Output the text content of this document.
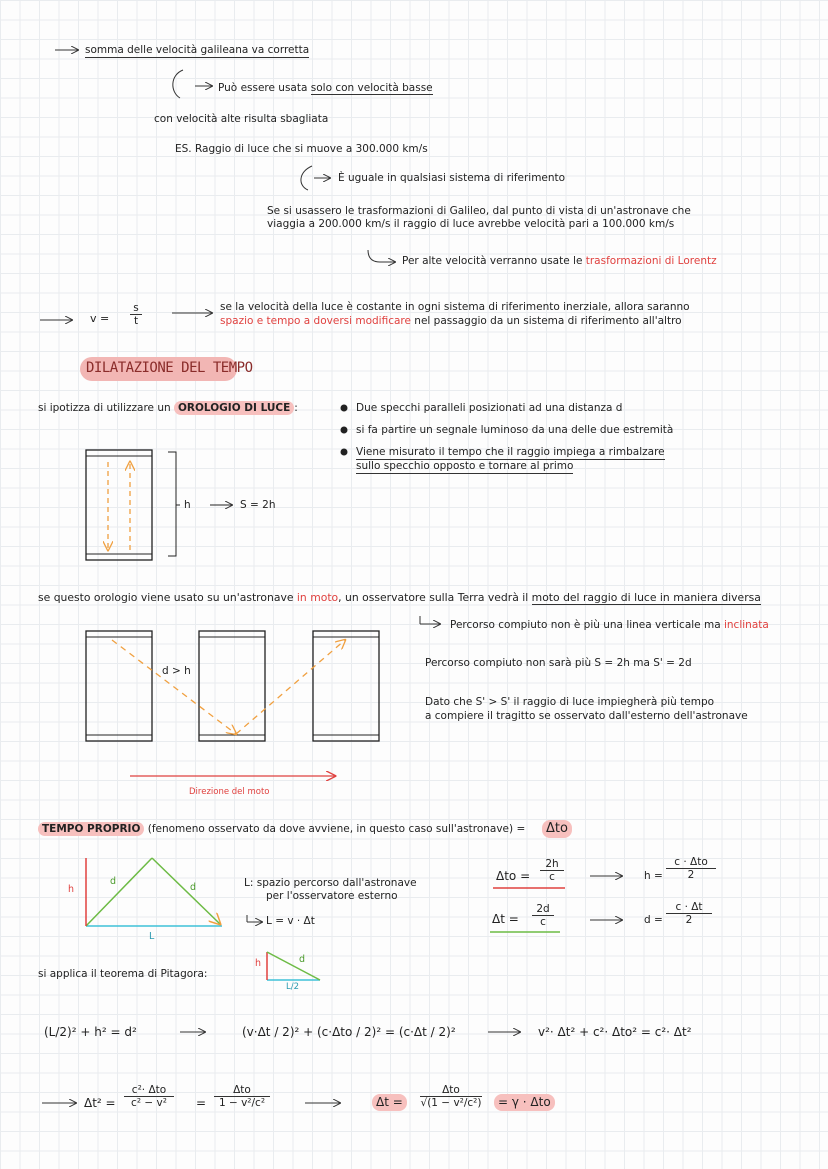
somma delle velocità galileana va corretta
Può essere usata solo con velocità basse
con velocità alte risulta sbagliata
ES. Raggio di luce che si muove a 300.000 km/s
È uguale in qualsiasi sistema di riferimento
Se si usassero le trasformazioni di Galileo, dal punto di vista di un'astronave che
viaggia a 200.000 km/s il raggio di luce avrebbe velocità pari a 100.000 km/s
Per alte velocità verranno usate le trasformazioni di Lorentz
$v = \frac{s}{t}$	se la velocità della luce è costante in ogni sistema di riferimento inerziale, allora saranno
spazio e tempo a doversi modificare nel passaggio da un sistema di riferimento all'altro
DILATAZIONE DEL TEMPO
si ipotizza di utilizzare un OROLOGIO DI LUCE :	Due specchi paralleli posizionati ad una distanza d
si fa partire un segnale luminoso da una delle due estremità
Viene misurato il tempo che il raggio impiega a rimbalzare
sullo specchio opposto e tornare al primo
h	S = 2h
se questo orologio viene usato su un'astronave in moto, un osservatore sulla Terra vedrà il moto del raggio di luce in maniera diversa
Percorso compiuto non è più una linea verticale ma inclinata
Percorso compiuto non sarà più S = 2h ma S' = 2d
Dato che S' > S' il raggio di luce impiegherà più tempo
a compiere il tragitto se osservato dall'esterno dell'astronave
d > h
Direzione del moto
TEMPO PROPRIO (fenomeno osservato da dove avviene, in questo caso sull'astronave) =	Δto
h
d
d
L
L: spazio percorso dall'astronave
per l'osservatore esterno
L = v · Δt
$\Delta to = \frac{2h}{c}$	h =
c · Δto
2
$\Delta t = \frac{2d}{c}$	$d = \frac{c \cdot \Delta t}{2}$
si applica il teorema di Pitagora:
h	d
L/2
(L/2)² + h² = d²	(v·Δt / 2)² + (c·Δto / 2)² = (c·Δt / 2)²	v²· Δt² + c²· Δto² = c²· Δt²
Δt² =
c²· Δto
c² − v²	=
Δto
1 − v²/c²	Δt =
Δto
√(1 − v²/c²)	= γ · Δto
